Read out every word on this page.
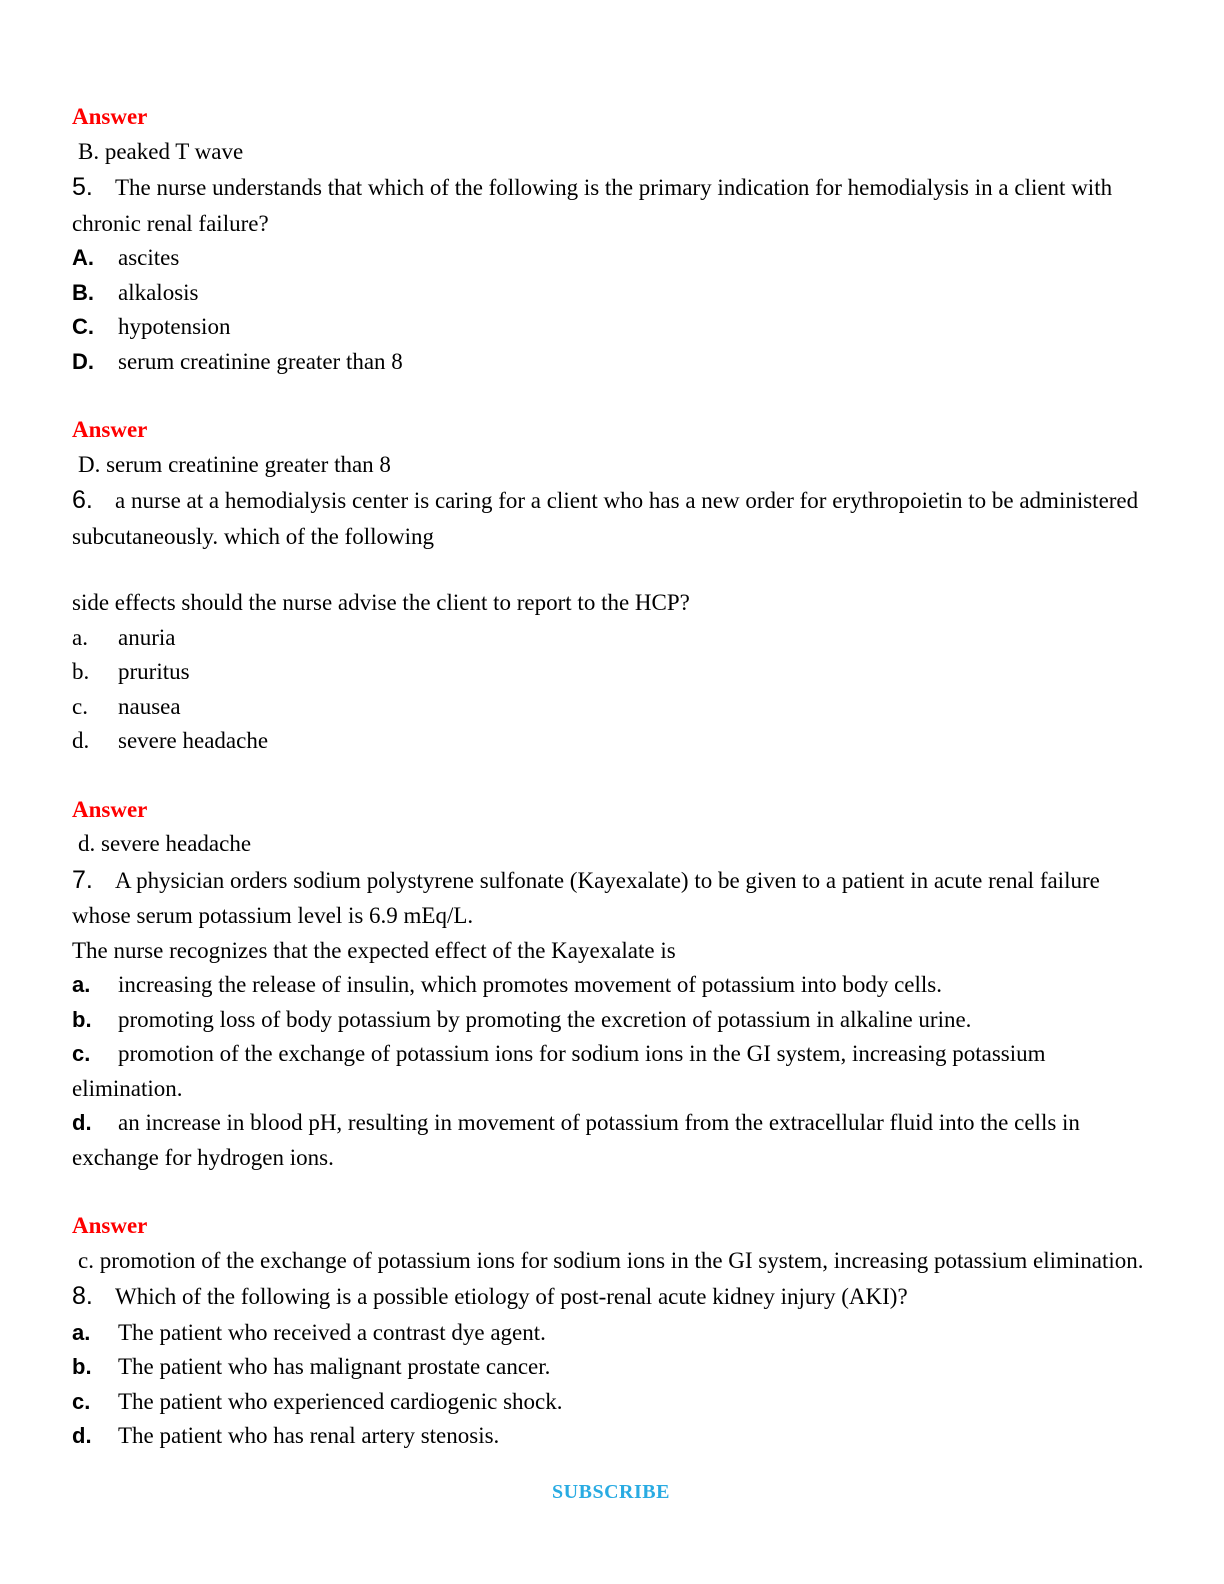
Answer
B. peaked T wave

5. The nurse understands that which of the following is the primary indication for hemodialysis in a client with chronic renal failure?

A. ascites

B. alkalosis

C. hypotension

D. serum creatinine greater than 8

Answer
D. serum creatinine greater than 8

6. a nurse at a hemodialysis center is caring for a client who has a new order for erythropoietin to be administered subcutaneously. which of the following

side effects should the nurse advise the client to report to the HCP?

a. anuria

b. pruritus

c. nausea

d. severe headache

Answer
d. severe headache

7. A physician orders sodium polystyrene sulfonate (Kayexalate) to be given to a patient in acute renal failure whose serum potassium level is 6.9 mEq/L.

The nurse recognizes that the expected effect of the Kayexalate is

a. increasing the release of insulin, which promotes movement of potassium into body cells.

b. promoting loss of body potassium by promoting the excretion of potassium in alkaline urine.

c. promotion of the exchange of potassium ions for sodium ions in the GI system, increasing potassium elimination.

d. an increase in blood pH, resulting in movement of potassium from the extracellular fluid into the cells in exchange for hydrogen ions.

Answer
c. promotion of the exchange of potassium ions for sodium ions in the GI system, increasing potassium elimination.

8. Which of the following is a possible etiology of post-renal acute kidney injury (AKI)?

a. The patient who received a contrast dye agent.

b. The patient who has malignant prostate cancer.

c. The patient who experienced cardiogenic shock.

d. The patient who has renal artery stenosis.

SUBSCRIBE
